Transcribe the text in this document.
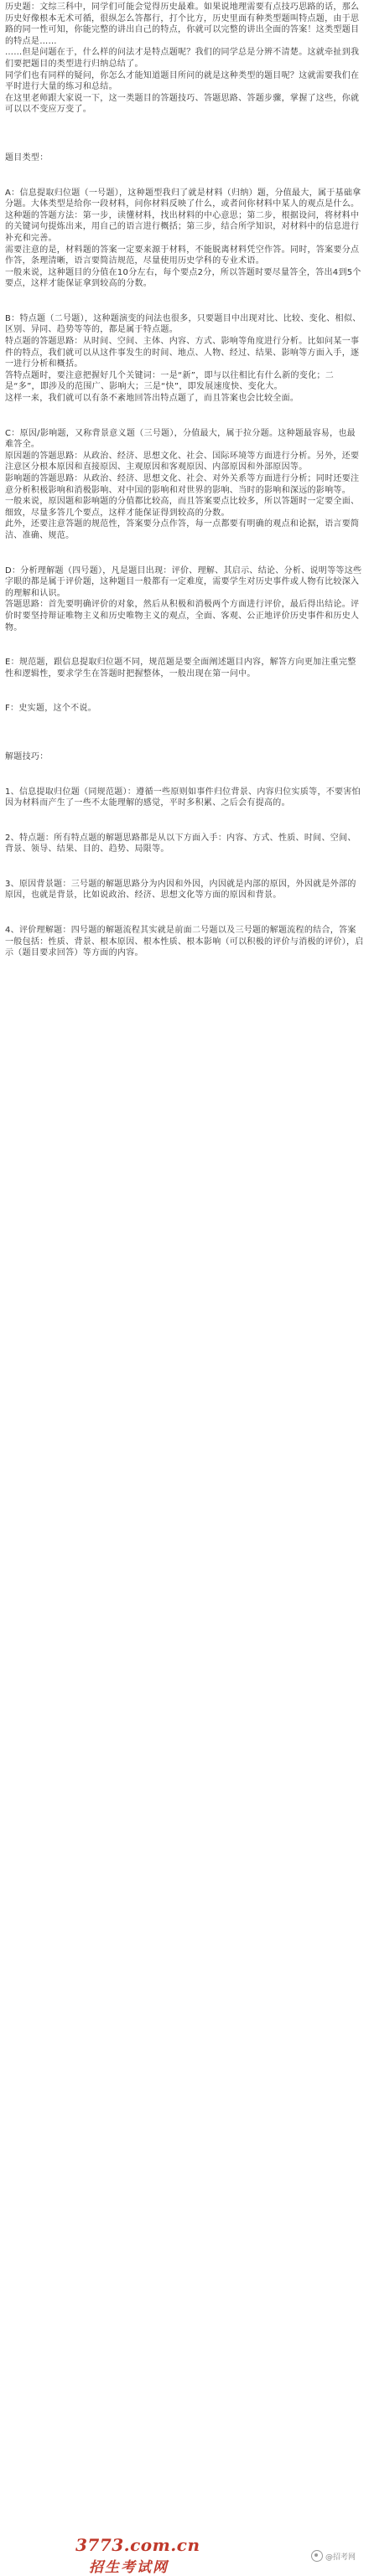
历史题：文综三科中，同学们可能会觉得历史最难。如果说地理需要有点技巧思路的话，那么历史好像根本无术可循，很纵怎么答都行，打个比方，历史里面有种类型题叫特点题，由于思路的同一性可知，你能完整的讲出自己的特点，你就可以完整的讲出全面的答案！这类型题目的特点是……

……但是问题在于，什么样的问法才是特点题呢？我们的同学总是分辨不清楚。这就牵扯到我们要把题目的类型进行归纳总结了。

同学们也有同样的疑问，你怎么才能知道题目所问的就是这种类型的题目呢？这就需要我们在平时进行大量的练习和总结。

在这里老师跟大家说一下，这一类题目的答题技巧、答题思路、答题步骤，掌握了这些，你就可以以不变应万变了。

题目类型：

A：信息提取归位题（一号题），这种题型我归了就是材料（归纳）题，分值最大，属于基础拿分题。大体类型是给你一段材料，问你材料反映了什么，或者问你材料中某人的观点是什么。

这种题的答题方法：第一步，读懂材料，找出材料的中心意思；第二步，根据设问，将材料中的关键词句提炼出来，用自己的语言进行概括；第三步，结合所学知识，对材料中的信息进行补充和完善。

需要注意的是，材料题的答案一定要来源于材料，不能脱离材料凭空作答。同时，答案要分点作答，条理清晰，语言要简洁规范，尽量使用历史学科的专业术语。

一般来说，这种题目的分值在10分左右，每个要点2分，所以答题时要尽量答全，答出4到5个要点，这样才能保证拿到较高的分数。

B：特点题（二号题），这种题演变的问法也很多，只要题目中出现对比、比较、变化、相似、区别、异同、趋势等等的，都是属于特点题。

特点题的答题思路：从时间、空间、主体、内容、方式、影响等角度进行分析。比如问某一事件的特点，我们就可以从这件事发生的时间、地点、人物、经过、结果、影响等方面入手，逐一进行分析和概括。

答特点题时，要注意把握好几个关键词：一是“新”，即与以往相比有什么新的变化；二是“多”，即涉及的范围广、影响大；三是“快”，即发展速度快、变化大。

这样一来，我们就可以有条不紊地回答出特点题了，而且答案也会比较全面。

C：原因/影响题，又称背景意义题（三号题），分值最大，属于拉分题。这种题最容易，也最难答全。

原因题的答题思路：从政治、经济、思想文化、社会、国际环境等方面进行分析。另外，还要注意区分根本原因和直接原因、主观原因和客观原因、内部原因和外部原因等。

影响题的答题思路：从政治、经济、思想文化、社会、对外关系等方面进行分析；同时还要注意分析积极影响和消极影响、对中国的影响和对世界的影响、当时的影响和深远的影响等。

一般来说，原因题和影响题的分值都比较高，而且答案要点比较多，所以答题时一定要全面、细致，尽量多答几个要点，这样才能保证得到较高的分数。

此外，还要注意答题的规范性，答案要分点作答，每一点都要有明确的观点和论据，语言要简洁、准确、规范。

D：分析理解题（四号题），凡是题目出现：评价、理解、其启示、结论、分析、说明等等这些字眼的都是属于评价题，这种题目一般都有一定难度，需要学生对历史事件或人物有比较深入的理解和认识。

答题思路：首先要明确评价的对象，然后从积极和消极两个方面进行评价，最后得出结论。评价时要坚持辩证唯物主义和历史唯物主义的观点，全面、客观、公正地评价历史事件和历史人物。

E：规范题，跟信息提取归位题不同，规范题是要全面阐述题目内容，解答方向更加注重完整性和逻辑性，要求学生在答题时把握整体，一般出现在第一问中。

F：史实题，这个不说。

解题技巧：

1、信息提取归位题（同规范题）：遵循一些原则如事件归位背景、内容归位实质等，不要害怕因为材料而产生了一些不太能理解的感觉，平时多积累、之后会有提高的。

2、特点题：所有特点题的解题思路都是从以下方面入手：内容、方式、性质、时间、空间、背景、领导、结果、目的、趋势、局限等。

3、原因背景题：三号题的解题思路分为内因和外因，内因就是内部的原因，外因就是外部的原因，也就是背景，比如说政治、经济、思想文化等方面的原因和背景。

4、评价理解题：四号题的解题流程其实就是前面二号题以及三号题的解题流程的结合，答案一般包括：性质、背景、根本原因、根本性质、根本影响（可以积极的评价与消极的评价），启示（题目要求回答）等方面的内容。

3773.com.cn
招生考试网
@招考网
